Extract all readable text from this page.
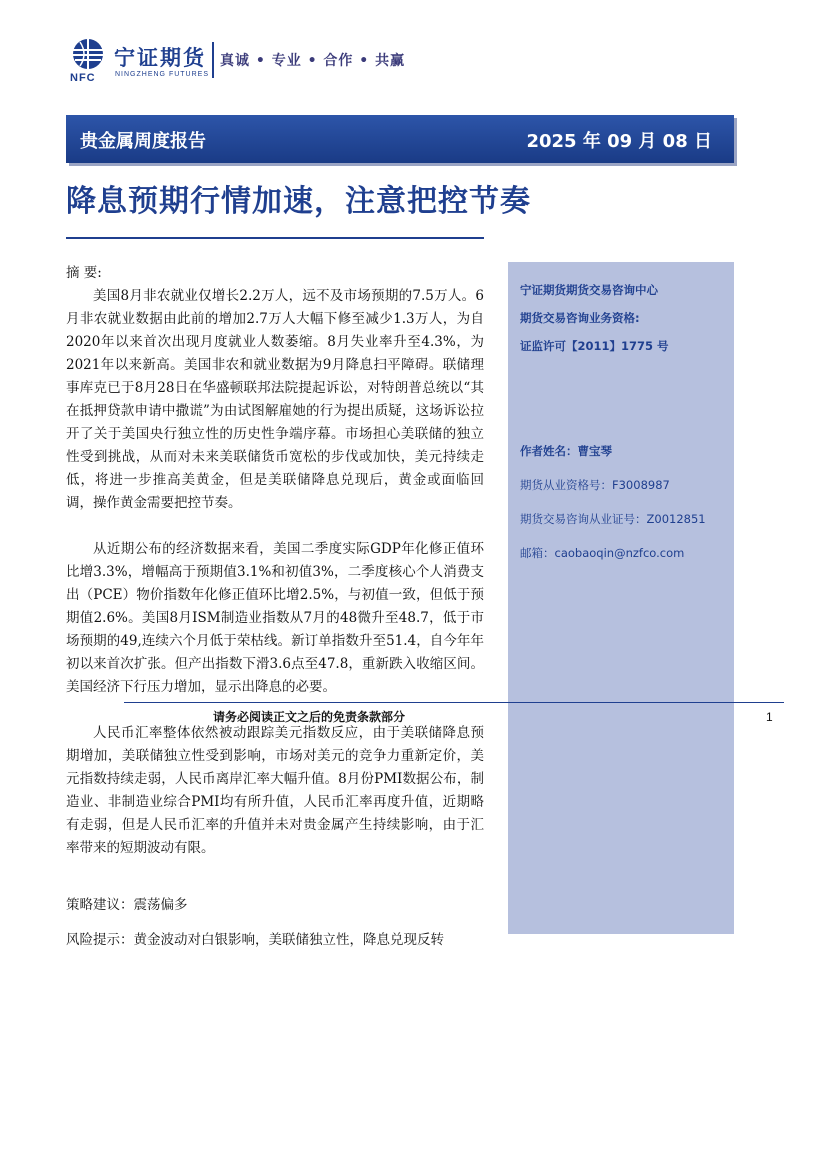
NFC
宁证期货
NINGZHENG FUTURES
真诚 • 专业 • 合作 • 共赢
贵金属周度报告	2025 年 09 月 08 日
降息预期行情加速，注意把控节奏
摘 要:

美国8月非农就业仅增长2.2万人，远不及市场预期的7.5万人。6月非农就业数据由此前的增加2.7万人大幅下修至减少1.3万人，为自2020年以来首次出现月度就业人数萎缩。8月失业率升至4.3%，为2021年以来新高。美国非农和就业数据为9月降息扫平障碍。联储理事库克已于8月28日在华盛顿联邦法院提起诉讼，对特朗普总统以“其在抵押贷款申请中撒谎”为由试图解雇她的行为提出质疑，这场诉讼拉开了关于美国央行独立性的历史性争端序幕。市场担心美联储的独立性受到挑战，从而对未来美联储货币宽松的步伐或加快，美元持续走低，将进一步推高美黄金，但是美联储降息兑现后，黄金或面临回调，操作黄金需要把控节奏。

从近期公布的经济数据来看，美国二季度实际GDP年化修正值环比增3.3%，增幅高于预期值3.1%和初值3%，二季度核心个人消费支出（PCE）物价指数年化修正值环比增2.5%，与初值一致，但低于预期值2.6%。美国8月ISM制造业指数从7月的48微升至48.7，低于市场预期的49,连续六个月低于荣枯线。新订单指数升至51.4，自今年年初以来首次扩张。但产出指数下滑3.6点至47.8，重新跌入收缩区间。美国经济下行压力增加，显示出降息的必要。

人民币汇率整体依然被动跟踪美元指数反应，由于美联储降息预期增加，美联储独立性受到影响，市场对美元的竞争力重新定价，美元指数持续走弱，人民币离岸汇率大幅升值。8月份PMI数据公布，制造业、非制造业综合PMI均有所升值，人民币汇率再度升值，近期略有走弱，但是人民币汇率的升值并未对贵金属产生持续影响，由于汇率带来的短期波动有限。

策略建议：震荡偏多
风险提示：黄金波动对白银影响，美联储独立性，降息兑现反转
宁证期货期货交易咨询中心
期货交易咨询业务资格:
证监许可【2011】1775 号
作者姓名：曹宝琴
期货从业资格号：F3008987
期货交易咨询从业证号：Z0012851
邮箱：caobaoqin@nzfco.com
请务必阅读正文之后的免责条款部分	1
